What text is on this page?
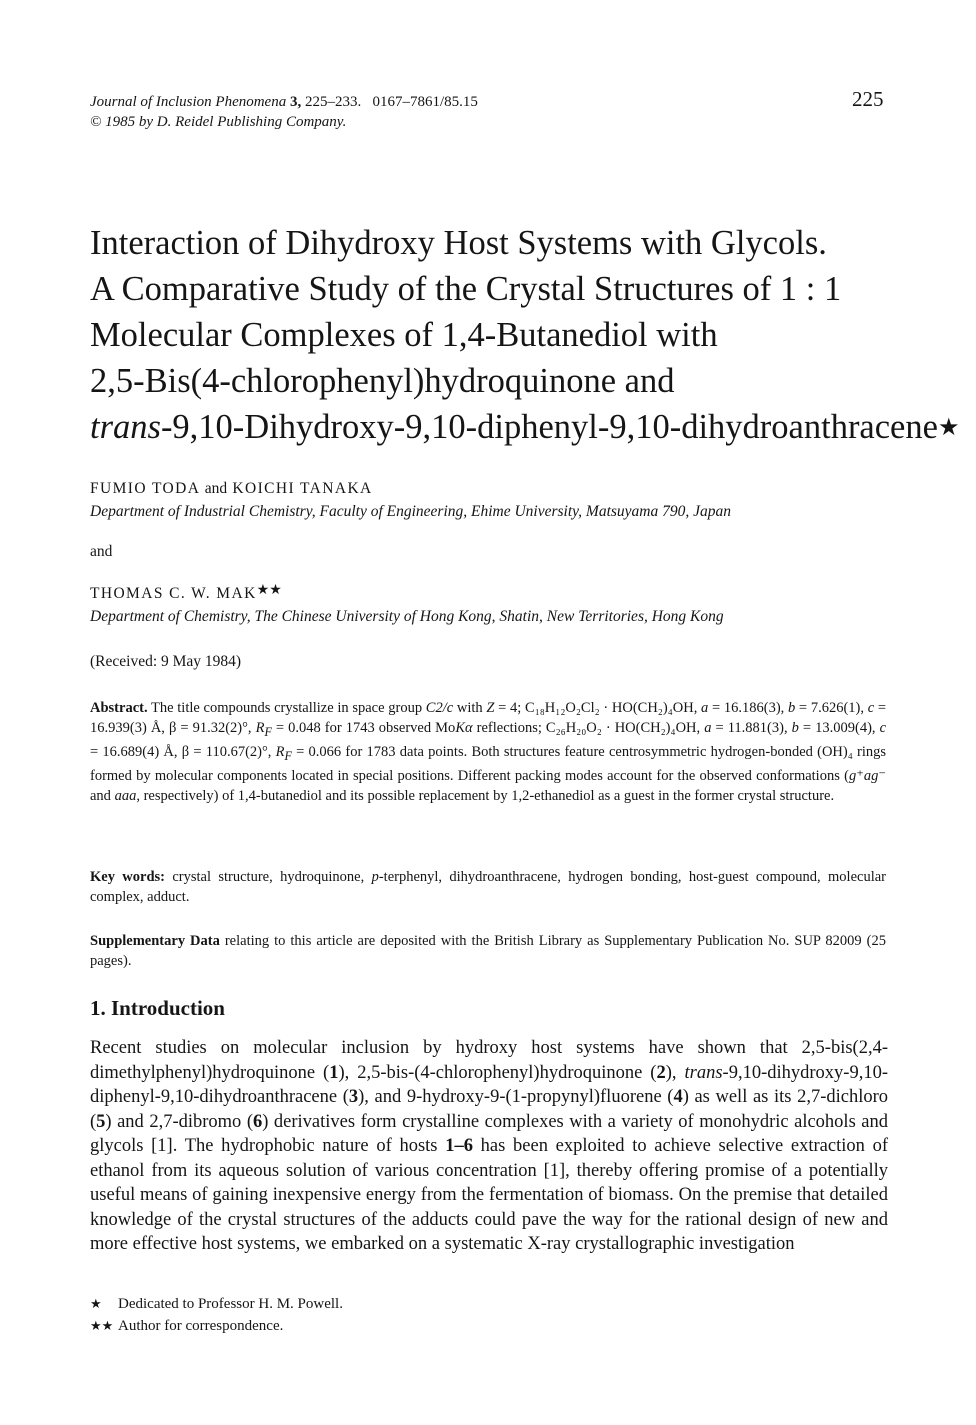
Journal of Inclusion Phenomena 3, 225–233. 0167–7861/85.15
© 1985 by D. Reidel Publishing Company.
225
Interaction of Dihydroxy Host Systems with Glycols.
A Comparative Study of the Crystal Structures of 1 : 1
Molecular Complexes of 1,4-Butanediol with
2,5-Bis(4-chlorophenyl)hydroquinone and
trans-9,10-Dihydroxy-9,10-diphenyl-9,10-dihydroanthracene★
FUMIO TODA and KOICHI TANAKA
Department of Industrial Chemistry, Faculty of Engineering, Ehime University, Matsuyama 790, Japan
and
THOMAS C. W. MAK★★
Department of Chemistry, The Chinese University of Hong Kong, Shatin, New Territories, Hong Kong
(Received: 9 May 1984)
Abstract. The title compounds crystallize in space group C2/c with Z = 4; C₁₈H₁₂O₂Cl₂ · HO(CH₂)₄OH, a = 16.186(3), b = 7.626(1), c = 16.939(3) Å, β = 91.32(2)°, $R_F = 0.048$ for 1743 observed MoKα reflections; C₂₆H₂₀O₂ · HO(CH₂)₄OH, a = 11.881(3), b = 13.009(4), c = 16.689(4) Å, β = 110.67(2)°, $R_F = 0.066$ for 1783 data points. Both structures feature centrosymmetric hydrogen-bonded (OH)₄ rings formed by molecular components located in special positions. Different packing modes account for the observed conformations (g⁺ag⁻ and aaa, respectively) of 1,4-butanediol and its possible replacement by 1,2-ethanediol as a guest in the former crystal structure.
Key words: crystal structure, hydroquinone, p-terphenyl, dihydroanthracene, hydrogen bonding, host-guest compound, molecular complex, adduct.
Supplementary Data relating to this article are deposited with the British Library as Supplementary Publication No. SUP 82009 (25 pages).
1. Introduction
Recent studies on molecular inclusion by hydroxy host systems have shown that 2,5-bis(2,4-dimethylphenyl)hydroquinone (1), 2,5-bis-(4-chlorophenyl)hydroquinone (2), trans-9,10-dihydroxy-9,10-diphenyl-9,10-dihydroanthracene (3), and 9-hydroxy-9-(1-propynyl)fluorene (4) as well as its 2,7-dichloro (5) and 2,7-dibromo (6) derivatives form crystalline complexes with a variety of monohydric alcohols and glycols [1]. The hydrophobic nature of hosts 1–6 has been exploited to achieve selective extraction of ethanol from its aqueous solution of various concentration [1], thereby offering promise of a potentially useful means of gaining inexpensive energy from the fermentation of biomass. On the premise that detailed knowledge of the crystal structures of the adducts could pave the way for the rational design of new and more effective host systems, we embarked on a systematic X-ray crystallographic investigation
★ Dedicated to Professor H. M. Powell.
★★ Author for correspondence.
